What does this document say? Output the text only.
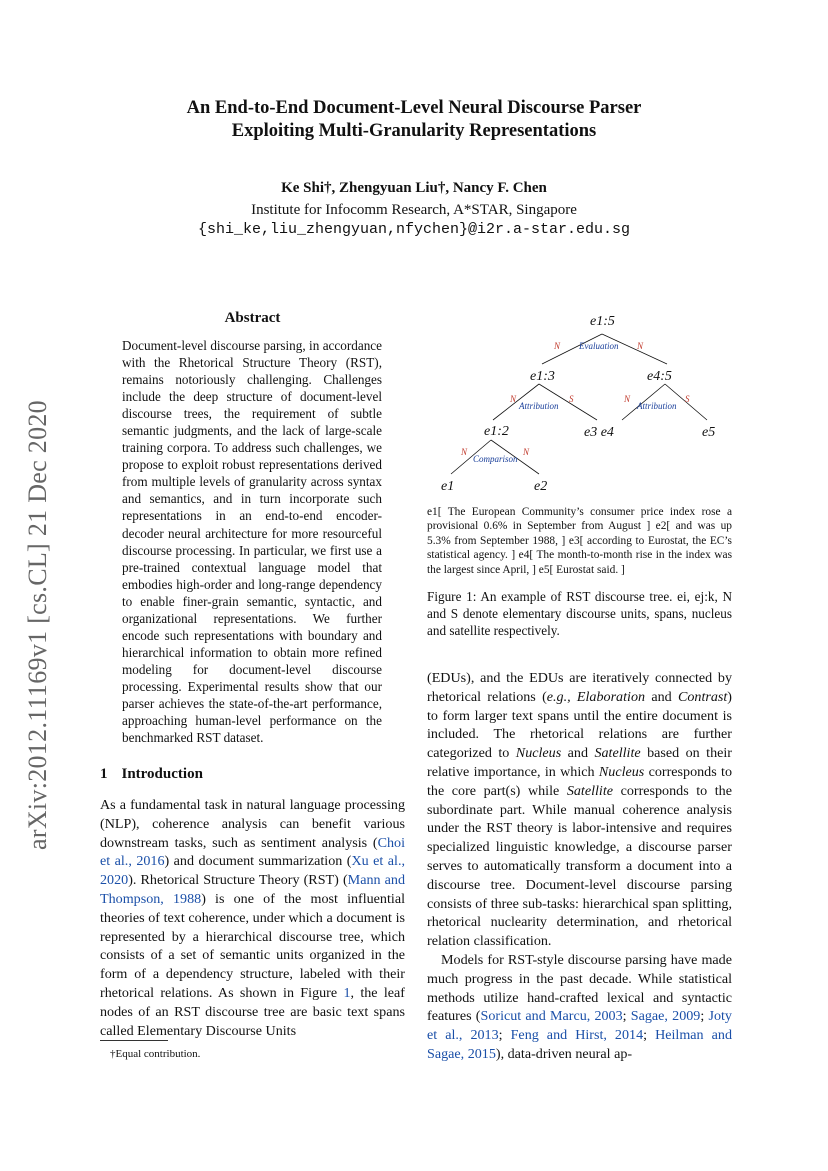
An End-to-End Document-Level Neural Discourse Parser
Exploiting Multi-Granularity Representations
Ke Shi†, Zhengyuan Liu†, Nancy F. Chen
Institute for Infocomm Research, A*STAR, Singapore
{shi_ke,liu_zhengyuan,nfychen}@i2r.a-star.edu.sg
arXiv:2012.11169v1 [cs.CL] 21 Dec 2020
Abstract
Document-level discourse parsing, in accordance with the Rhetorical Structure Theory (RST), remains notoriously challenging. Challenges include the deep structure of document-level discourse trees, the requirement of subtle semantic judgments, and the lack of large-scale training corpora. To address such challenges, we propose to exploit robust representations derived from multiple levels of granularity across syntax and semantics, and in turn incorporate such representations in an end-to-end encoder-decoder neural architecture for more resourceful discourse processing. In particular, we first use a pre-trained contextual language model that embodies high-order and long-range dependency to enable finer-grain semantic, syntactic, and organizational representations. We further encode such representations with boundary and hierarchical information to obtain more refined modeling for document-level discourse processing. Experimental results show that our parser achieves the state-of-the-art performance, approaching human-level performance on the benchmarked RST dataset.
1 Introduction

As a fundamental task in natural language processing (NLP), coherence analysis can benefit various downstream tasks, such as sentiment analysis (Choi et al., 2016) and document summarization (Xu et al., 2020). Rhetorical Structure Theory (RST) (Mann and Thompson, 1988) is one of the most influential theories of text coherence, under which a document is represented by a hierarchical discourse tree, which consists of a set of semantic units organized in the form of a dependency structure, labeled with their rhetorical relations. As shown in Figure 1, the leaf nodes of an RST discourse tree are basic text spans called Elementary Discourse Units

†Equal contribution.
e1:5
e1:3	e4:5
e1:2	e3 e4	e5
e1	e2
Evaluation
Attribution	Attribution
Comparison
N	N
N	S	N	S
N	N
e1[ The European Community’s consumer price index rose a provisional 0.6% in September from August ] e2[ and was up 5.3% from September 1988, ] e3[ according to Eurostat, the EC’s statistical agency. ] e4[ The month-to-month rise in the index was the largest since April, ] e5[ Eurostat said. ]
Figure 1: An example of RST discourse tree. ei, ej:k, N and S denote elementary discourse units, spans, nucleus and satellite respectively.

(EDUs), and the EDUs are iteratively connected by rhetorical relations (e.g., Elaboration and Contrast) to form larger text spans until the entire document is included. The rhetorical relations are further categorized to Nucleus and Satellite based on their relative importance, in which Nucleus corresponds to the core part(s) while Satellite corresponds to the subordinate part. While manual coherence analysis under the RST theory is labor-intensive and requires specialized linguistic knowledge, a discourse parser serves to automatically transform a document into a discourse tree. Document-level discourse parsing consists of three sub-tasks: hierarchical span splitting, rhetorical nuclearity determination, and rhetorical relation classification.

Models for RST-style discourse parsing have made much progress in the past decade. While statistical methods utilize hand-crafted lexical and syntactic features (Soricut and Marcu, 2003; Sagae, 2009; Joty et al., 2013; Feng and Hirst, 2014; Heilman and Sagae, 2015), data-driven neural ap-
